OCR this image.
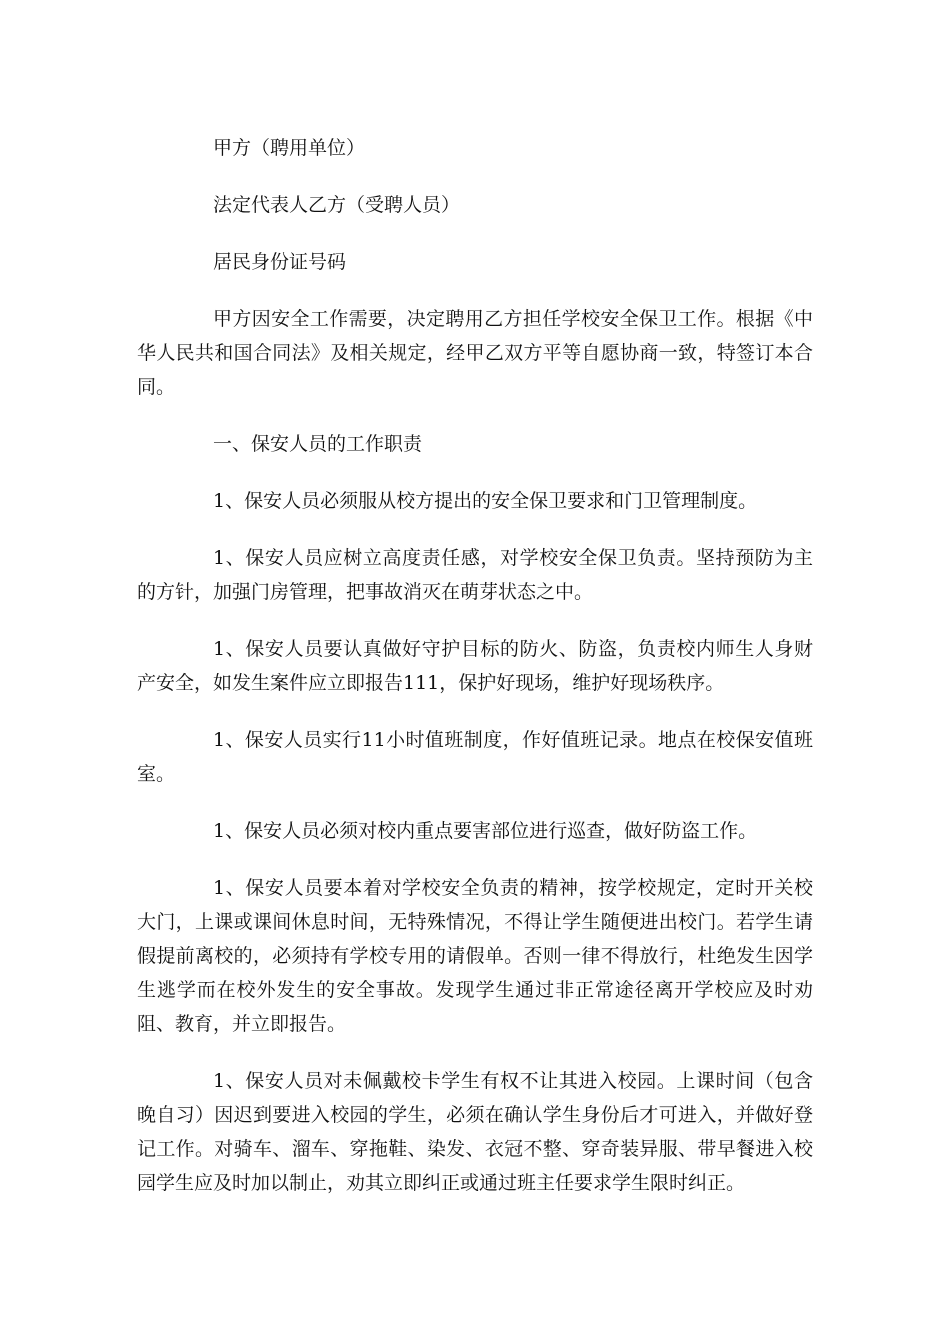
甲方（聘用单位）

法定代表人乙方（受聘人员）

居民身份证号码

甲方因安全工作需要，决定聘用乙方担任学校安全保卫工作。根据《中华人民共和国合同法》及相关规定，经甲乙双方平等自愿协商一致，特签订本合同。

一、保安人员的工作职责

1、保安人员必须服从校方提出的安全保卫要求和门卫管理制度。

1、保安人员应树立高度责任感，对学校安全保卫负责。坚持预防为主的方针，加强门房管理，把事故消灭在萌芽状态之中。

1、保安人员要认真做好守护目标的防火、防盗，负责校内师生人身财产安全，如发生案件应立即报告111，保护好现场，维护好现场秩序。

1、保安人员实行11小时值班制度，作好值班记录。地点在校保安值班室。

1、保安人员必须对校内重点要害部位进行巡查，做好防盗工作。

1、保安人员要本着对学校安全负责的精神，按学校规定，定时开关校大门，上课或课间休息时间，无特殊情况，不得让学生随便进出校门。若学生请假提前离校的，必须持有学校专用的请假单。否则一律不得放行，杜绝发生因学生逃学而在校外发生的安全事故。发现学生通过非正常途径离开学校应及时劝阻、教育，并立即报告。

1、保安人员对未佩戴校卡学生有权不让其进入校园。上课时间（包含晚自习）因迟到要进入校园的学生，必须在确认学生身份后才可进入，并做好登记工作。对骑车、溜车、穿拖鞋、染发、衣冠不整、穿奇装异服、带早餐进入校园学生应及时加以制止，劝其立即纠正或通过班主任要求学生限时纠正。
